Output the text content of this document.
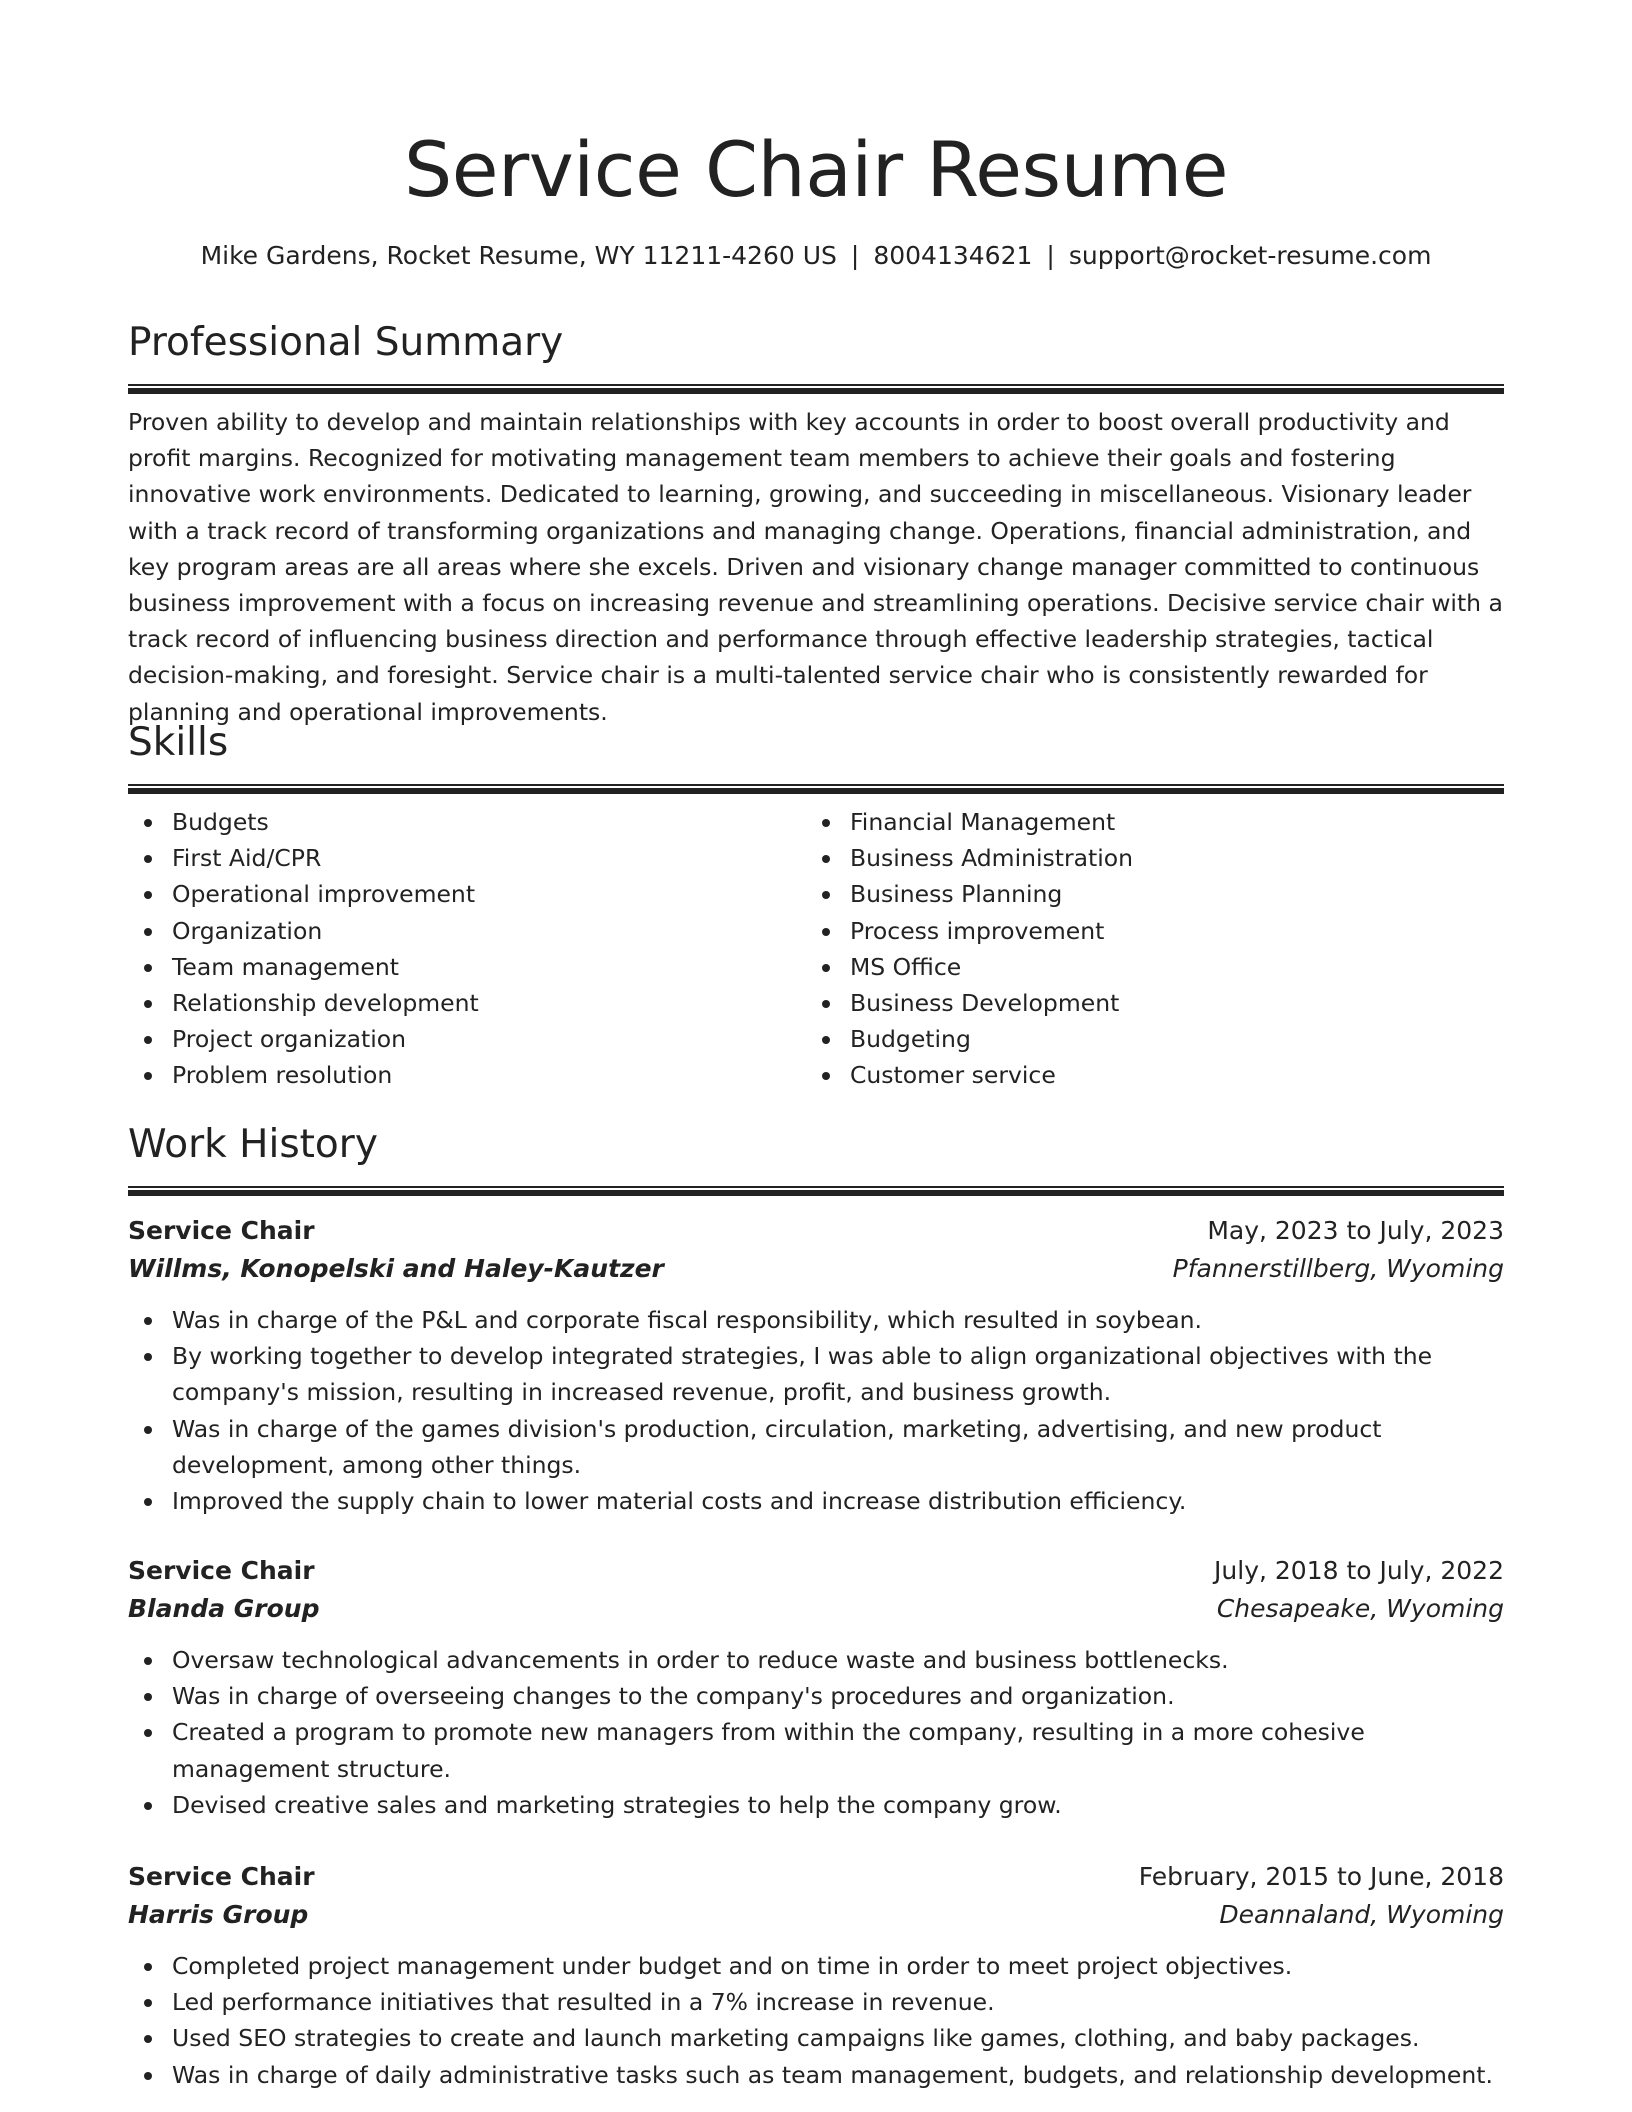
Service Chair Resume
Mike Gardens, Rocket Resume, WY 11211-4260 US | 8004134621 | support@rocket-resume.com
Professional Summary

Proven ability to develop and maintain relationships with key accounts in order to boost overall productivity and profit margins. Recognized for motivating management team members to achieve their goals and fostering innovative work environments. Dedicated to learning, growing, and succeeding in miscellaneous. Visionary leader with a track record of transforming organizations and managing change. Operations, financial administration, and key program areas are all areas where she excels. Driven and visionary change manager committed to continuous business improvement with a focus on increasing revenue and streamlining operations. Decisive service chair with a track record of influencing business direction and performance through effective leadership strategies, tactical decision-making, and foresight. Service chair is a multi-talented service chair who is consistently rewarded for planning and operational improvements.

Skills
Budgets
First Aid/CPR
Operational improvement
Organization
Team management
Relationship development
Project organization
Problem resolution
Financial Management
Business Administration
Business Planning
Process improvement
MS Office
Business Development
Budgeting
Customer service
Work History
Service Chair	May, 2023 to July, 2023
Willms, Konopelski and Haley-Kautzer	Pfannerstillberg, Wyoming
Was in charge of the P&L and corporate fiscal responsibility, which resulted in soybean.
By working together to develop integrated strategies, I was able to align organizational objectives with the company's mission, resulting in increased revenue, profit, and business growth.
Was in charge of the games division's production, circulation, marketing, advertising, and new product development, among other things.
Improved the supply chain to lower material costs and increase distribution efficiency.
Service Chair	July, 2018 to July, 2022
Blanda Group	Chesapeake, Wyoming
Oversaw technological advancements in order to reduce waste and business bottlenecks.
Was in charge of overseeing changes to the company's procedures and organization.
Created a program to promote new managers from within the company, resulting in a more cohesive management structure.
Devised creative sales and marketing strategies to help the company grow.
Service Chair	February, 2015 to June, 2018
Harris Group	Deannaland, Wyoming
Completed project management under budget and on time in order to meet project objectives.
Led performance initiatives that resulted in a 7% increase in revenue.
Used SEO strategies to create and launch marketing campaigns like games, clothing, and baby packages.
Was in charge of daily administrative tasks such as team management, budgets, and relationship development.
